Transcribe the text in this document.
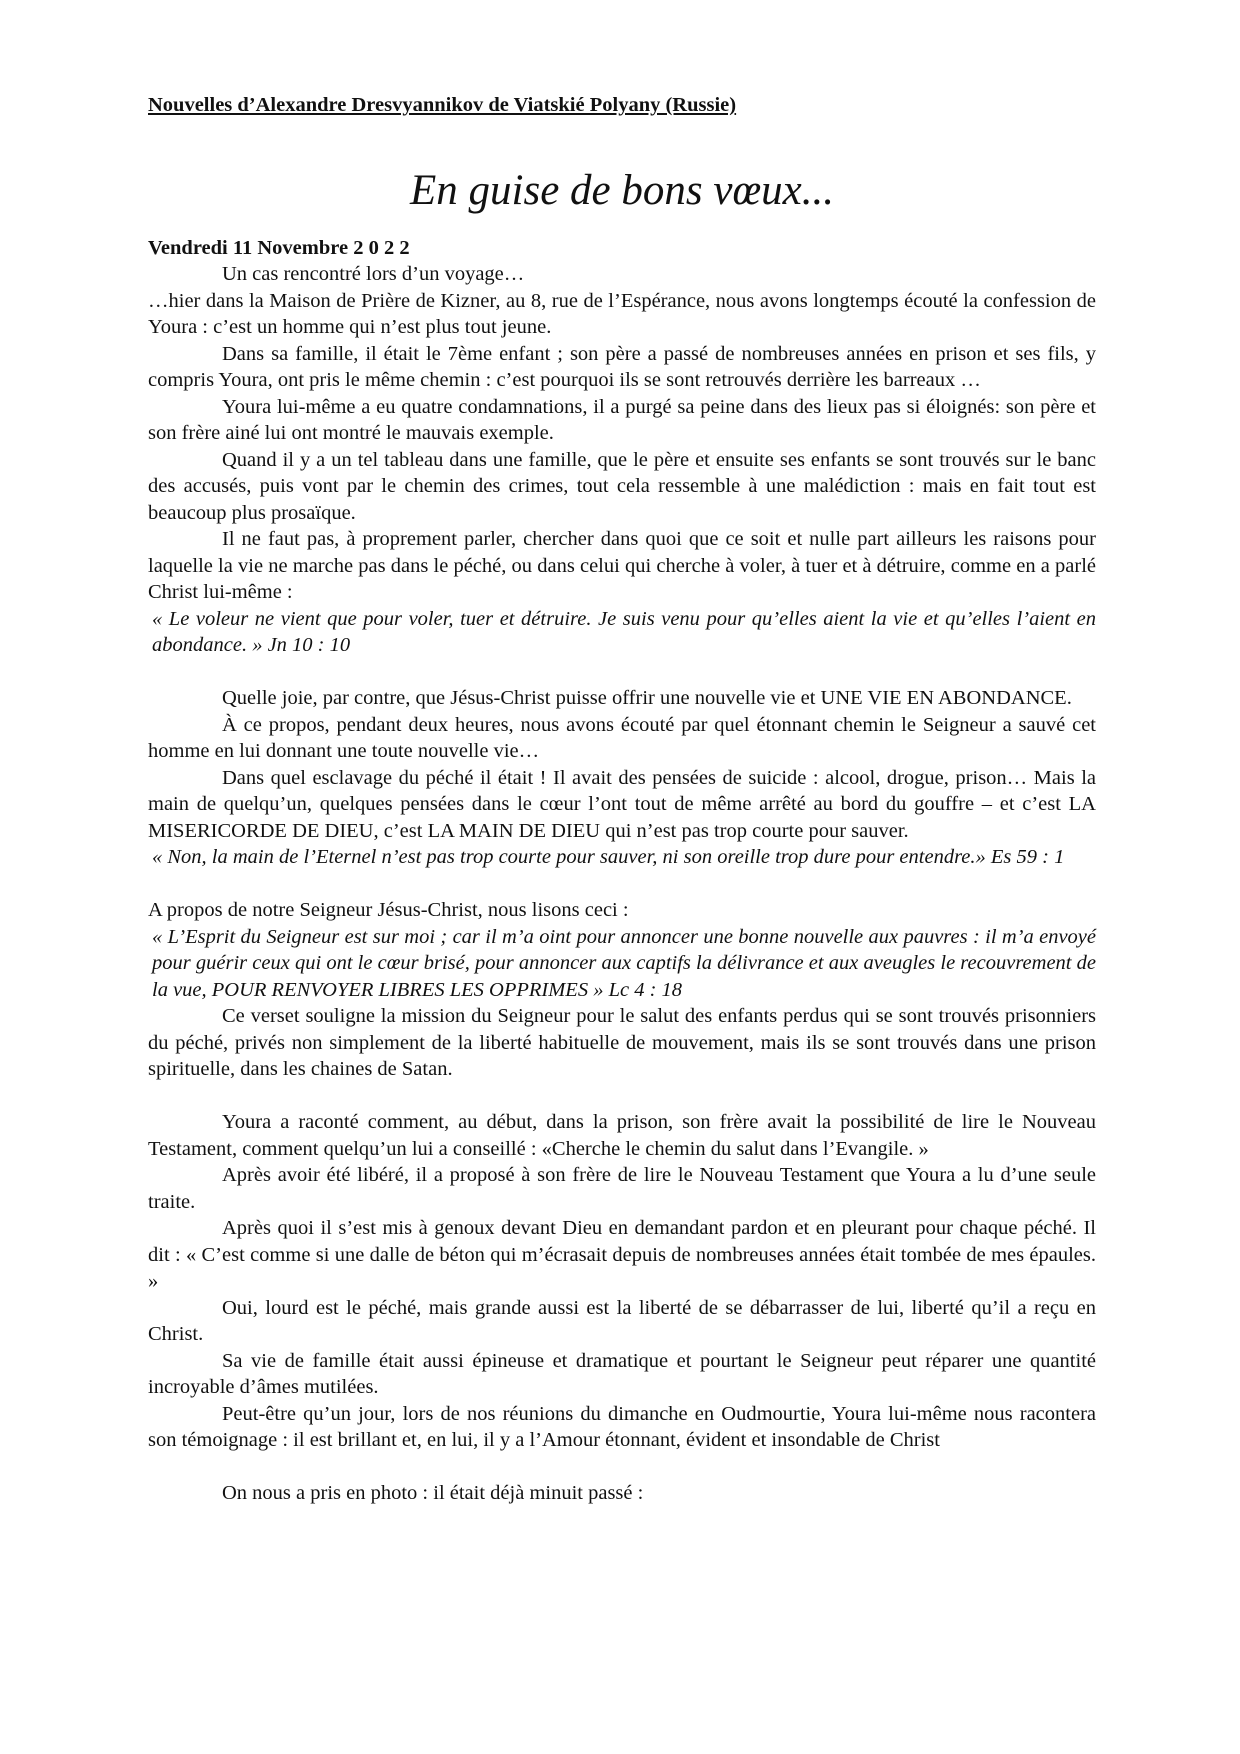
Nouvelles d’Alexandre Dresvyannikov de Viatskié Polyany (Russie)
En guise de bons vœux...
Vendredi 11 Novembre 2 0 2 2

Un cas rencontré lors d’un voyage…

…hier dans la Maison de Prière de Kizner, au 8, rue de l’Espérance, nous avons longtemps écouté la confession de Youra : c’est un homme qui n’est plus tout jeune.

Dans sa famille, il était le 7ème enfant ; son père a passé de nombreuses années en prison et ses fils, y compris Youra, ont pris le même chemin : c’est pourquoi ils se sont retrouvés derrière les barreaux …

Youra lui-même a eu quatre condamnations, il a purgé sa peine dans des lieux pas si éloignés: son père et son frère ainé lui ont montré le mauvais exemple.

Quand il y a un tel tableau dans une famille, que le père et ensuite ses enfants se sont trouvés sur le banc des accusés, puis vont par le chemin des crimes, tout cela ressemble à une malédiction : mais en fait tout est beaucoup plus prosaïque.

Il ne faut pas, à proprement parler, chercher dans quoi que ce soit et nulle part ailleurs les raisons pour laquelle la vie ne marche pas dans le péché, ou dans celui qui cherche à voler, à tuer et à détruire, comme en a parlé Christ lui-même :

« Le voleur ne vient que pour voler, tuer et détruire. Je suis venu pour qu’elles aient la vie et qu’elles l’aient en abondance. » Jn 10 : 10

Quelle joie, par contre, que Jésus-Christ puisse offrir une nouvelle vie et UNE VIE EN ABONDANCE.

À ce propos, pendant deux heures, nous avons écouté par quel étonnant chemin le Seigneur a sauvé cet homme en lui donnant une toute nouvelle vie…

Dans quel esclavage du péché il était ! Il avait des pensées de suicide : alcool, drogue, prison… Mais la main de quelqu’un, quelques pensées dans le cœur l’ont tout de même arrêté au bord du gouffre – et c’est LA MISERICORDE DE DIEU, c’est LA MAIN DE DIEU qui n’est pas trop courte pour sauver.

« Non, la main de l’Eternel n’est pas trop courte pour sauver, ni son oreille trop dure pour entendre.» Es 59 : 1

A propos de notre Seigneur Jésus-Christ, nous lisons ceci :

« L’Esprit du Seigneur est sur moi ; car il m’a oint pour annoncer une bonne nouvelle aux pauvres : il m’a envoyé pour guérir ceux qui ont le cœur brisé, pour annoncer aux captifs la délivrance et aux aveugles le recouvrement de la vue, POUR RENVOYER LIBRES LES OPPRIMES » Lc 4 : 18

Ce verset souligne la mission du Seigneur pour le salut des enfants perdus qui se sont trouvés prisonniers du péché, privés non simplement de la liberté habituelle de mouvement, mais ils se sont trouvés dans une prison spirituelle, dans les chaines de Satan.

Youra a raconté comment, au début, dans la prison, son frère avait la possibilité de lire le Nouveau Testament, comment quelqu’un lui a conseillé : «Cherche le chemin du salut dans l’Evangile. »

Après avoir été libéré, il a proposé à son frère de lire le Nouveau Testament que Youra a lu d’une seule traite.

Après quoi il s’est mis à genoux devant Dieu en demandant pardon et en pleurant pour chaque péché. Il dit : « C’est comme si une dalle de béton qui m’écrasait depuis de nombreuses années était tombée de mes épaules. »

Oui, lourd est le péché, mais grande aussi est la liberté de se débarrasser de lui, liberté qu’il a reçu en Christ.

Sa vie de famille était aussi épineuse et dramatique et pourtant le Seigneur peut réparer une quantité incroyable d’âmes mutilées.

Peut-être qu’un jour, lors de nos réunions du dimanche en Oudmourtie, Youra lui-même nous racontera son témoignage : il est brillant et, en lui, il y a l’Amour étonnant, évident et insondable de Christ

On nous a pris en photo : il était déjà minuit passé :
